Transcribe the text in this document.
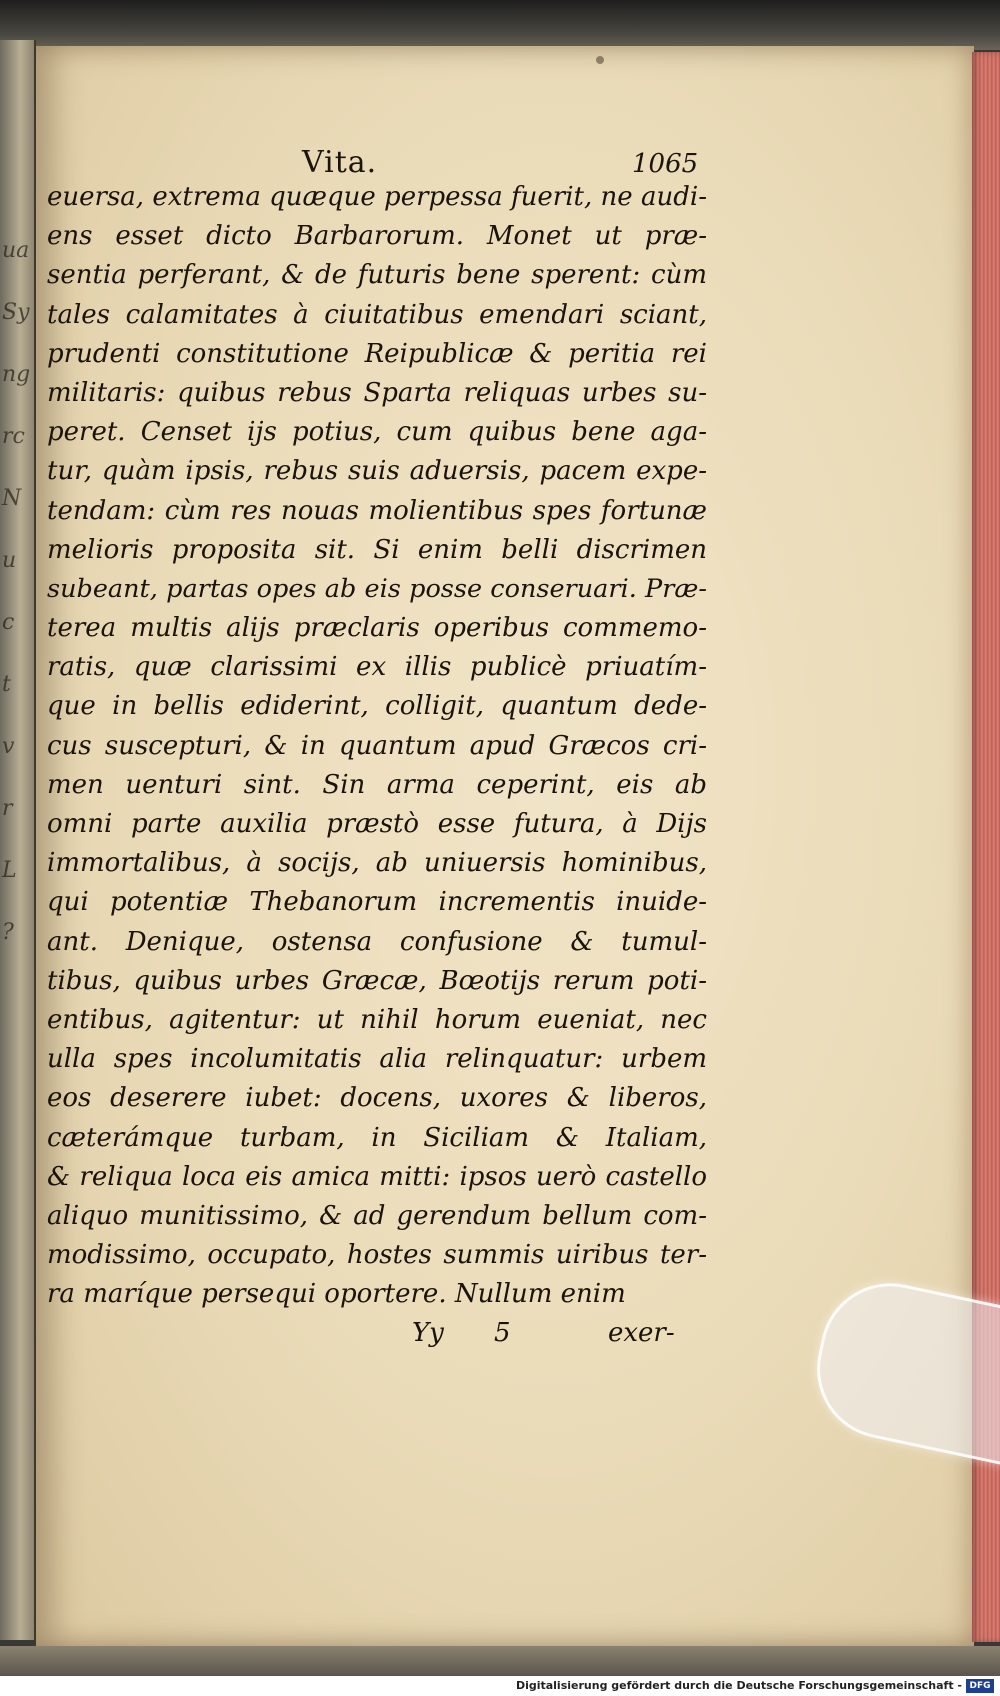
ua
Sy
ng
rc
N
u
c
t
v
r
L
?
Vita.	1065
euersa, extrema quæque perpessa fuerit, ne audi-
ens esset dicto Barbarorum. Monet ut præ-
sentia perferant, & de futuris bene sperent: cùm
tales calamitates à ciuitatibus emendari sciant,
prudenti constitutione Reipublicæ & peritia rei
militaris: quibus rebus Sparta reliquas urbes su-
peret. Censet ijs potius, cum quibus bene aga-
tur, quàm ipsis, rebus suis aduersis, pacem expe-
tendam: cùm res nouas molientibus spes fortunæ
melioris proposita sit. Si enim belli discrimen
subeant, partas opes ab eis posse conseruari. Præ-
terea multis alijs præclaris operibus commemo-
ratis, quæ clarissimi ex illis publicè priuatím-
que in bellis ediderint, colligit, quantum dede-
cus suscepturi, & in quantum apud Græcos cri-
men uenturi sint. Sin arma ceperint, eis ab
omni parte auxilia præstò esse futura, à Dijs
immortalibus, à socijs, ab uniuersis hominibus,
qui potentiæ Thebanorum incrementis inuide-
ant. Denique, ostensa confusione & tumul-
tibus, quibus urbes Græcæ, Bœotijs rerum poti-
entibus, agitentur: ut nihil horum eueniat, nec
ulla spes incolumitatis alia relinquatur: urbem
eos deserere iubet: docens, uxores & liberos,
cæterámque turbam, in Siciliam & Italiam,
& reliqua loca eis amica mitti: ipsos uerò castello
aliquo munitissimo, & ad gerendum bellum com-
modissimo, occupato, hostes summis uiribus ter-
ra maríque persequi oportere. Nullum enim
Yy 5	exer-
Digitalisierung gefördert durch die Deutsche Forschungsgemeinschaft - DFG
